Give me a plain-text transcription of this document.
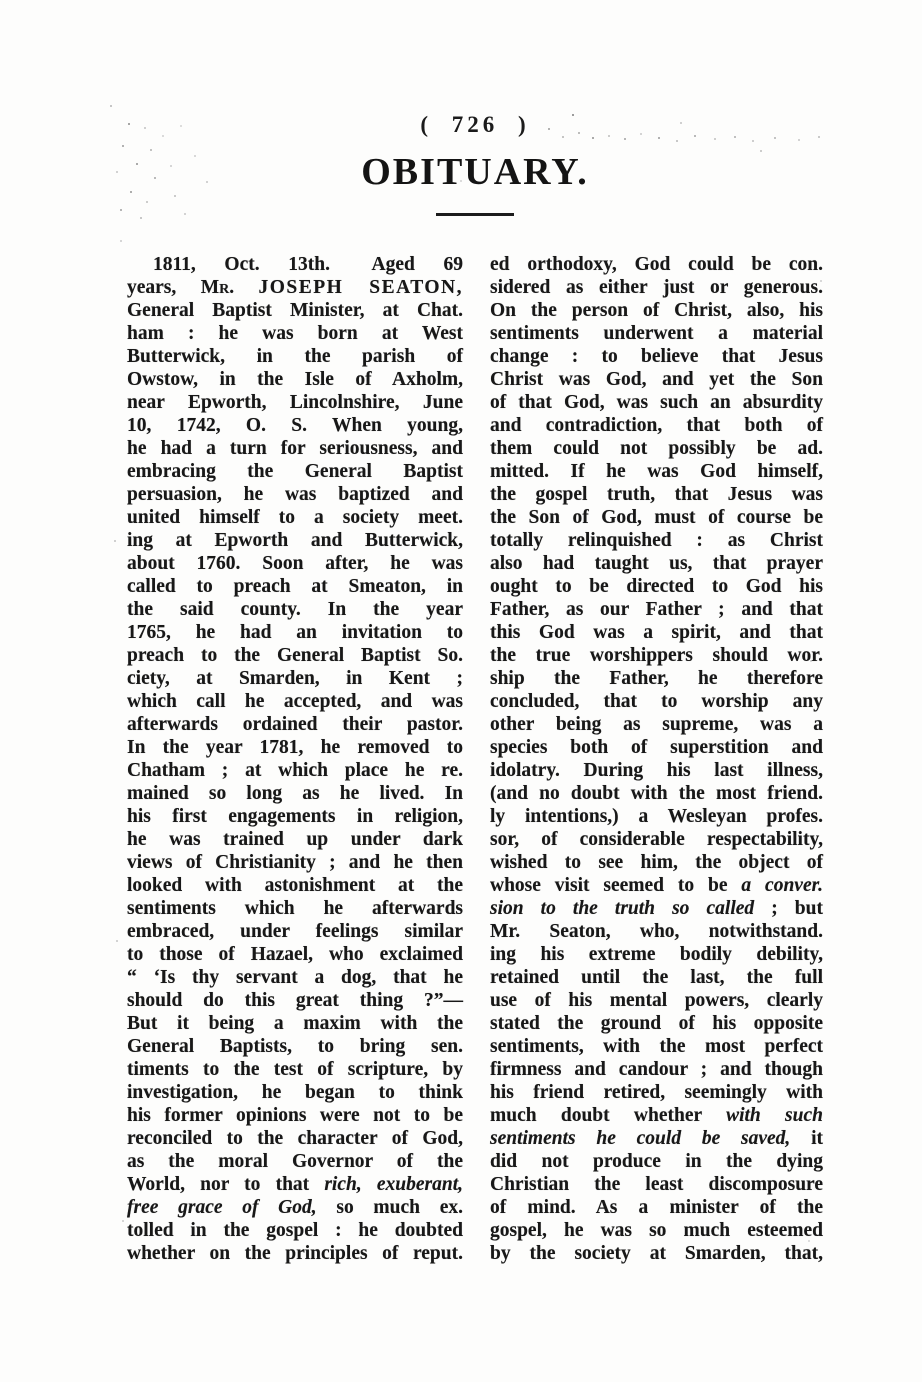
( 726 )
OBITUARY.
1811, Oct. 13th. Aged 69
years, Mr. JOSEPH SEATON,
General Baptist Minister, at Chat.
ham : he was born at West
Butterwick, in the parish of
Owstow, in the Isle of Axholm,
near Epworth, Lincolnshire, June
10, 1742, O. S. When young,
he had a turn for seriousness, and
embracing the General Baptist
persuasion, he was baptized and
united himself to a society meet.
ing at Epworth and Butterwick,
about 1760. Soon after, he was
called to preach at Smeaton, in
the said county. In the year
1765, he had an invitation to
preach to the General Baptist So.
ciety, at Smarden, in Kent ;
which call he accepted, and was
afterwards ordained their pastor.
In the year 1781, he removed to
Chatham ; at which place he re.
mained so long as he lived. In
his first engagements in religion,
he was trained up under dark
views of Christianity ; and he then
looked with astonishment at the
sentiments which he afterwards
embraced, under feelings similar
to those of Hazael, who exclaimed
“ ‘Is thy servant a dog, that he
should do this great thing ?”—
But it being a maxim with the
General Baptists, to bring sen.
timents to the test of scripture, by
investigation, he began to think
his former opinions were not to be
reconciled to the character of God,
as the moral Governor of the
World, nor to that rich, exuberant,
free grace of God, so much ex.
tolled in the gospel : he doubted
whether on the principles of reput.
ed orthodoxy, God could be con.
sidered as either just or generous.
On the person of Christ, also, his
sentiments underwent a material
change : to believe that Jesus
Christ was God, and yet the Son
of that God, was such an absurdity
and contradiction, that both of
them could not possibly be ad.
mitted. If he was God himself,
the gospel truth, that Jesus was
the Son of God, must of course be
totally relinquished : as Christ
also had taught us, that prayer
ought to be directed to God his
Father, as our Father ; and that
this God was a spirit, and that
the true worshippers should wor.
ship the Father, he therefore
concluded, that to worship any
other being as supreme, was a
species both of superstition and
idolatry. During his last illness,
(and no doubt with the most friend.
ly intentions,) a Wesleyan profes.
sor, of considerable respectability,
wished to see him, the object of
whose visit seemed to be a conver.
sion to the truth so called ; but
Mr. Seaton, who, notwithstand.
ing his extreme bodily debility,
retained until the last, the full
use of his mental powers, clearly
stated the ground of his opposite
sentiments, with the most perfect
firmness and candour ; and though
his friend retired, seemingly with
much doubt whether with such
sentiments he could be saved, it
did not produce in the dying
Christian the least discomposure
of mind. As a minister of the
gospel, he was so much esteemed
by the society at Smarden, that,
